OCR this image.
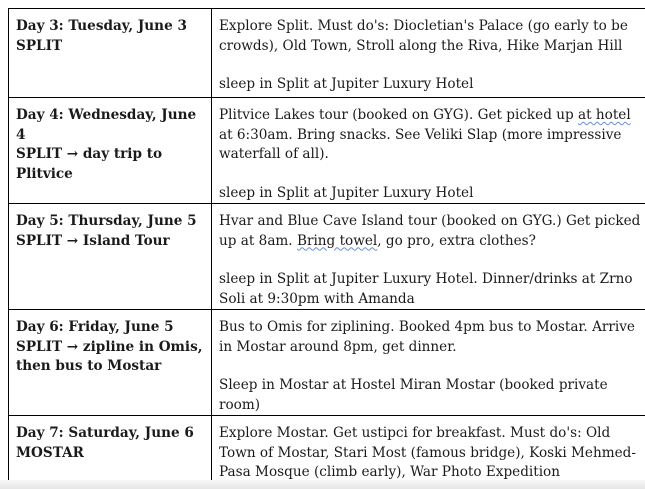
Day 3: Tuesday, June 3
SPLIT	Explore Split. Must do's: Diocletian's Palace (go early to be crowds), Old Town, Stroll along the Riva, Hike Marjan Hill
sleep in Split at Jupiter Luxury Hotel

Day 4: Wednesday, June 4
SPLIT → day trip to Plitvice	Plitvice Lakes tour (booked on GYG). Get picked up at hotel at 6:30am. Bring snacks. See Veliki Slap (more impressive waterfall of all).
sleep in Split at Jupiter Luxury Hotel

Day 5: Thursday, June 5
SPLIT → Island Tour	Hvar and Blue Cave Island tour (booked on GYG.) Get picked up at 8am. Bring towel, go pro, extra clothes?
sleep in Split at Jupiter Luxury Hotel. Dinner/drinks at Zrno Soli at 9:30pm with Amanda

Day 6: Friday, June 5
SPLIT → zipline in Omis, then bus to Mostar	Bus to Omis for ziplining. Booked 4pm bus to Mostar. Arrive in Mostar around 8pm, get dinner.
Sleep in Mostar at Hostel Miran Mostar (booked private room)

Day 7: Saturday, June 6
MOSTAR	Explore Mostar. Get ustipci for breakfast. Must do's: Old Town of Mostar, Stari Most (famous bridge), Koski Mehmed-Pasa Mosque (climb early), War Photo Expedition
